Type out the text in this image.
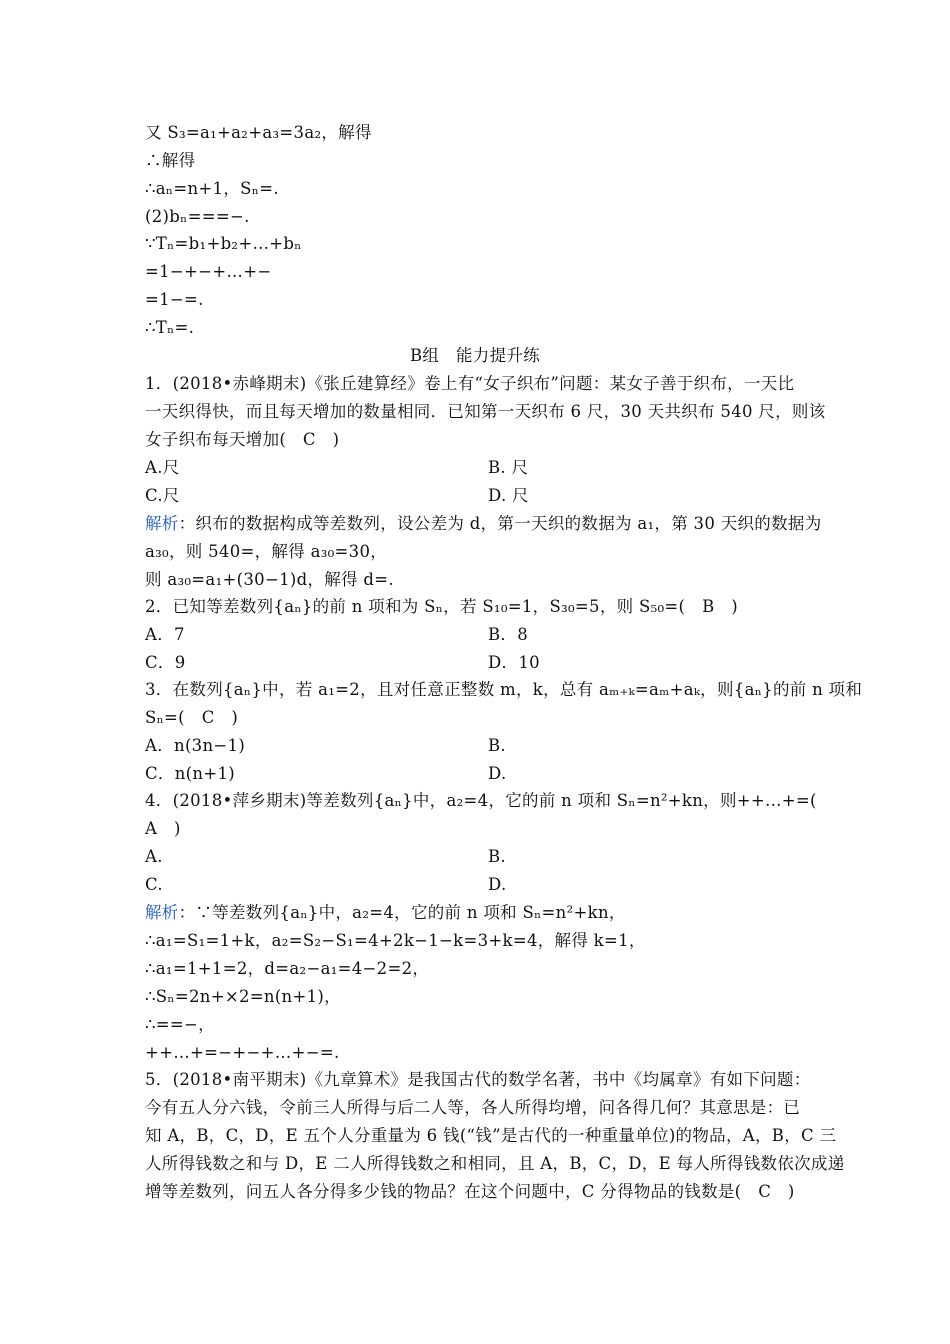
又 S₃=a₁+a₂+a₃=3a₂，解得
∴解得
∴aₙ=n+1，Sₙ=.
(2)bₙ===−.
∵Tₙ=b₁+b₂+…+bₙ
=1−+−+…+−
=1−=.
∴Tₙ=.
B组　能力提升练
1．(2018•赤峰期末)《张丘建算经》卷上有“女子织布”问题：某女子善于织布，一天比
一天织得快，而且每天增加的数量相同．已知第一天织布 6 尺，30 天共织布 540 尺，则该
女子织布每天增加(　C　)
A.尺	B. 尺
C.尺	D. 尺
解析：织布的数据构成等差数列，设公差为 d，第一天织的数据为 a₁，第 30 天织的数据为
a₃₀，则 540=，解得 a₃₀=30，
则 a₃₀=a₁+(30−1)d，解得 d=.
2．已知等差数列{aₙ}的前 n 项和为 Sₙ，若 S₁₀=1，S₃₀=5，则 S₅₀=(　B　)
A．7	B．8
C．9	D．10
3．在数列{aₙ}中，若 a₁=2，且对任意正整数 m，k，总有 aₘ₊ₖ=aₘ+aₖ，则{aₙ}的前 n 项和
Sₙ=(　C　)
A．n(3n−1)	B.
C．n(n+1)	D.
4．(2018•萍乡期末)等差数列{aₙ}中，a₂=4，它的前 n 项和 Sₙ=n²+kn，则++…+=(
A　)
A.	B.
C.	D.
解析：∵等差数列{aₙ}中，a₂=4，它的前 n 项和 Sₙ=n²+kn，
∴a₁=S₁=1+k，a₂=S₂−S₁=4+2k−1−k=3+k=4，解得 k=1，
∴a₁=1+1=2，d=a₂−a₁=4−2=2，
∴Sₙ=2n+×2=n(n+1)，
∴==−，
++…+=−+−+…+−=.
5．(2018•南平期末)《九章算术》是我国古代的数学名著，书中《均属章》有如下问题：
今有五人分六钱，令前三人所得与后二人等，各人所得均增，问各得几何？其意思是：已
知 A，B，C，D，E 五个人分重量为 6 钱(“钱”是古代的一种重量单位)的物品，A，B，C 三
人所得钱数之和与 D，E 二人所得钱数之和相同，且 A，B，C，D，E 每人所得钱数依次成递
增等差数列，问五人各分得多少钱的物品？在这个问题中，C 分得物品的钱数是(　C　)
